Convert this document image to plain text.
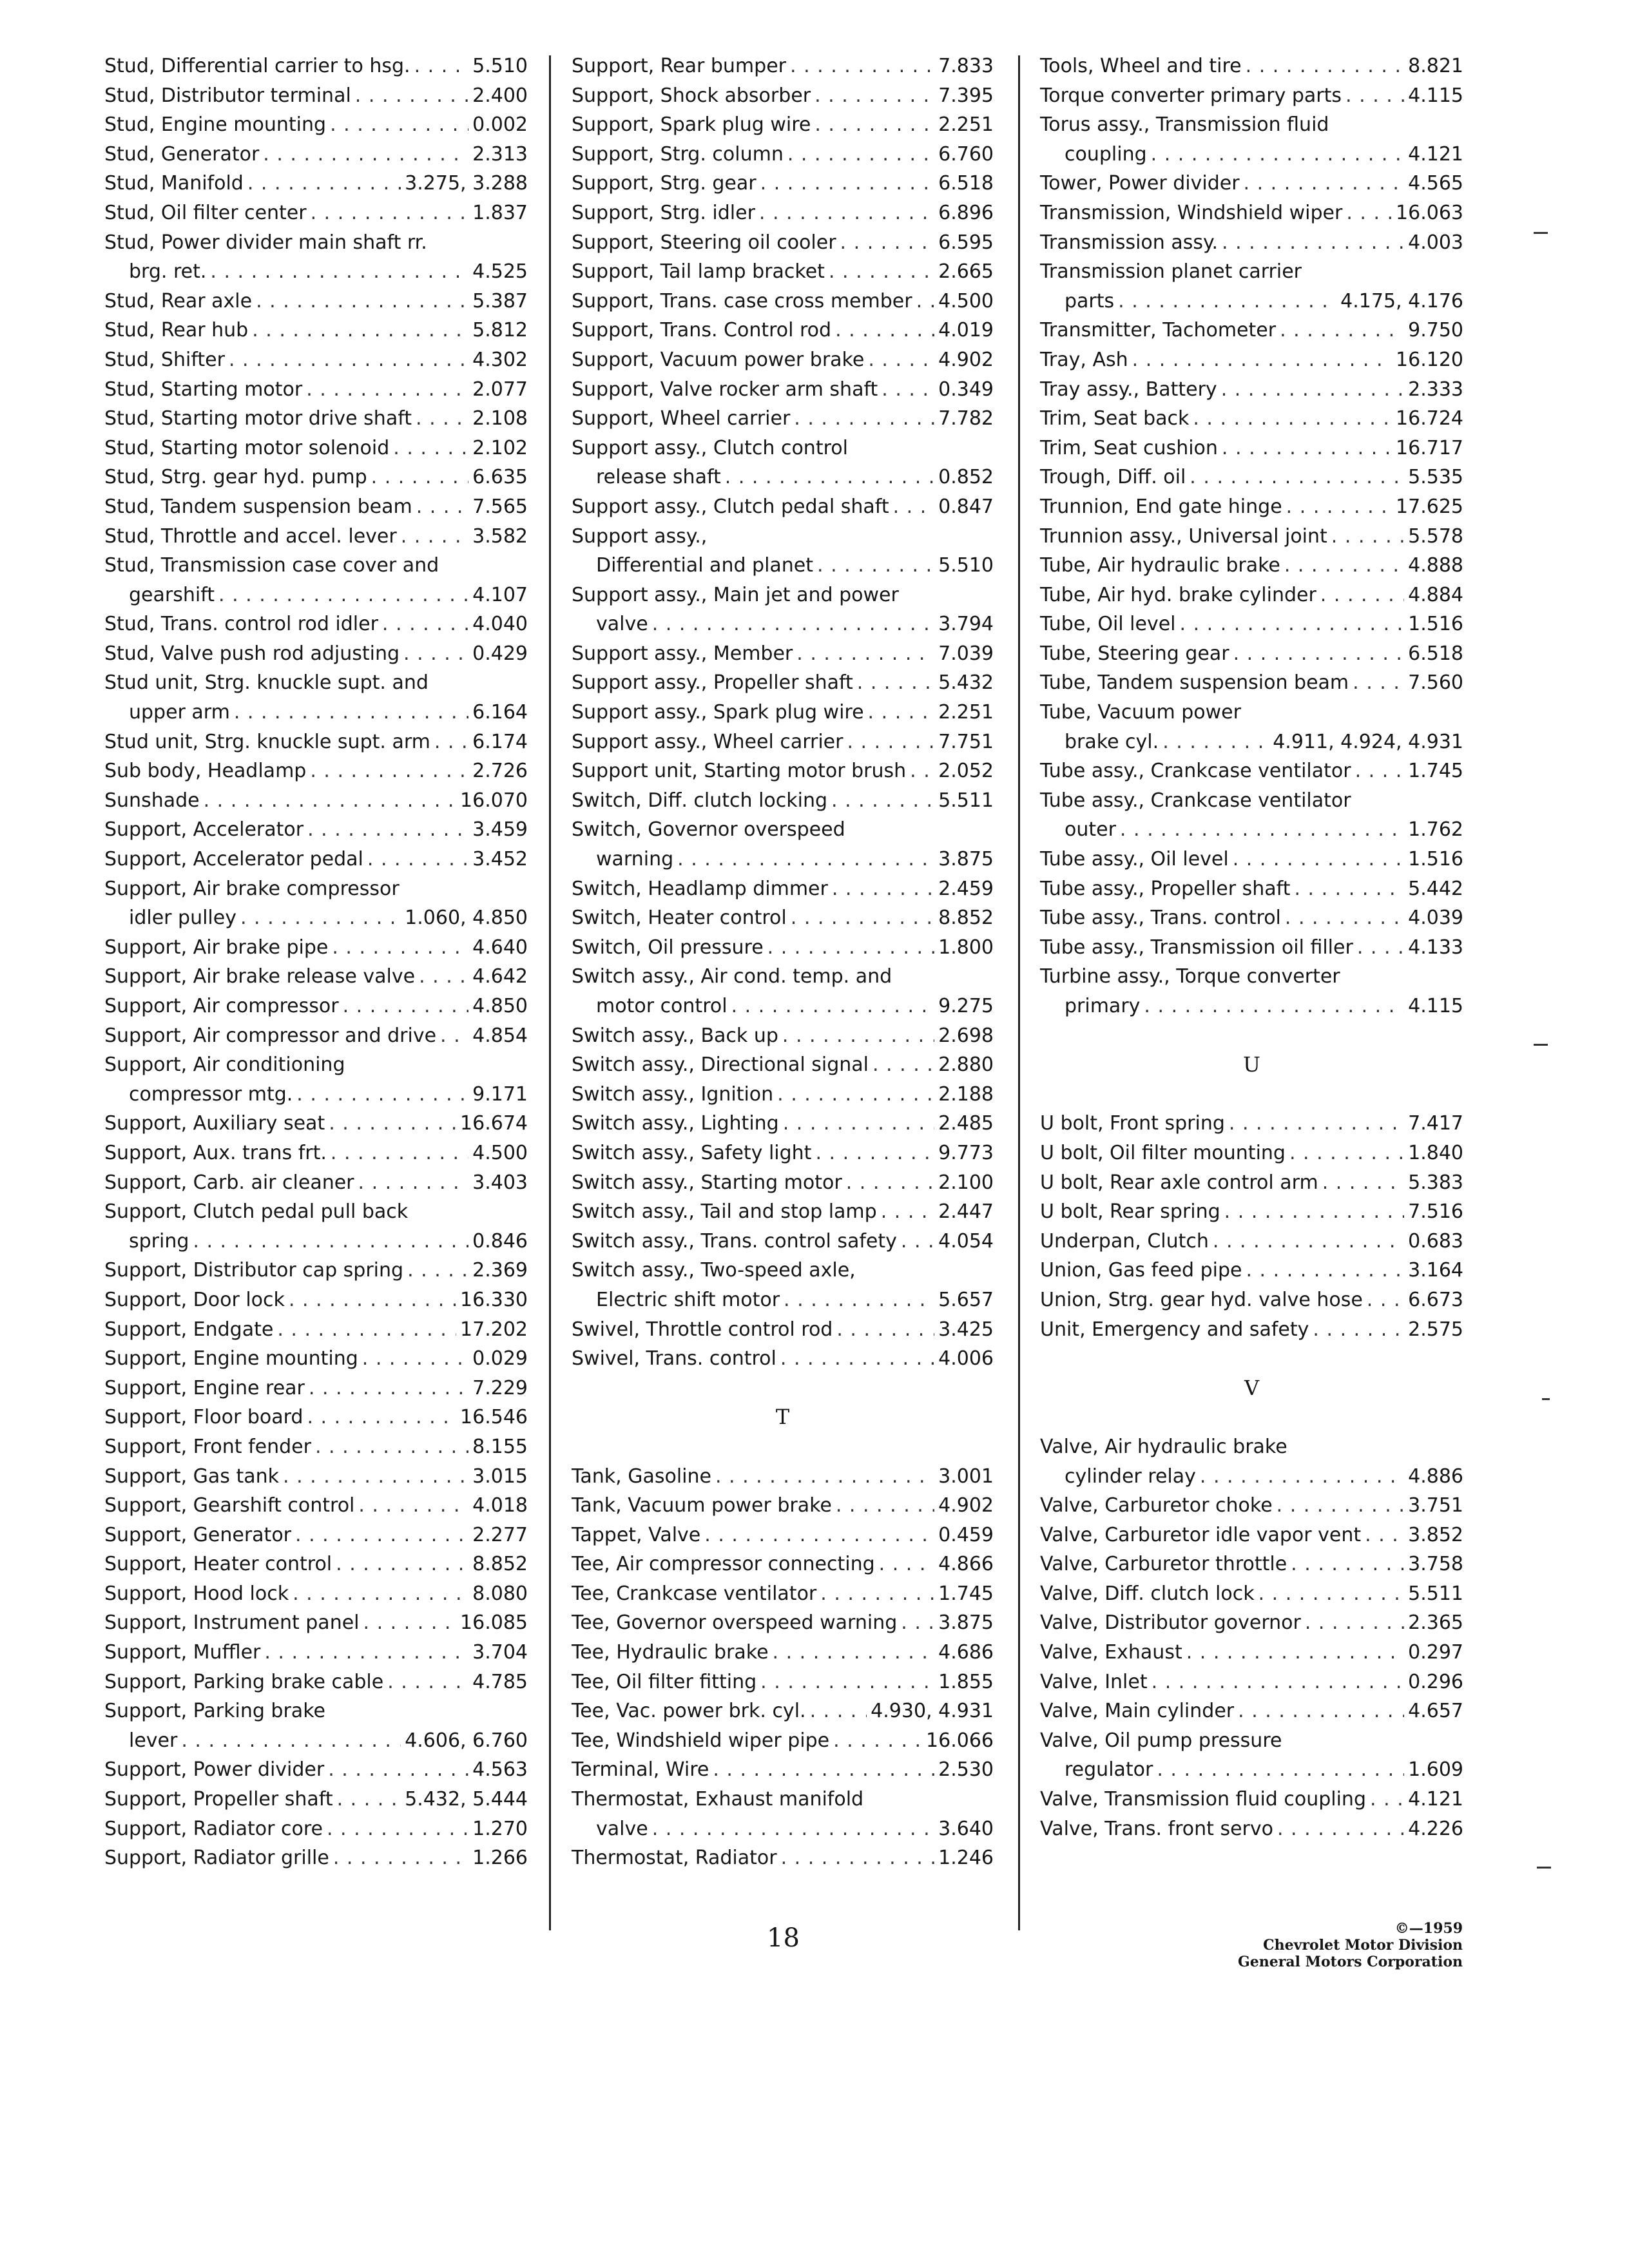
Stud, Differential carrier to hsg. . . .	5.510
Stud, Distributor terminal . . .	2.400
Stud, Engine mounting . . .	0.002
Stud, Generator . . .	2.313
Stud, Manifold . . .	3.275, 3.288
Stud, Oil filter center . . .	1.837
Stud, Power divider main shaft rr.
brg. ret. . . .	4.525
Stud, Rear axle . . .	5.387
Stud, Rear hub . . .	5.812
Stud, Shifter . . .	4.302
Stud, Starting motor . . .	2.077
Stud, Starting motor drive shaft . . .	2.108
Stud, Starting motor solenoid . . .	2.102
Stud, Strg. gear hyd. pump . . .	6.635
Stud, Tandem suspension beam . . .	7.565
Stud, Throttle and accel. lever . . .	3.582
Stud, Transmission case cover and
gearshift . . .	4.107
Stud, Trans. control rod idler . . .	4.040
Stud, Valve push rod adjusting . . .	0.429
Stud unit, Strg. knuckle supt. and
upper arm . . .	6.164
Stud unit, Strg. knuckle supt. arm . . . 6.174
Sub body, Headlamp . . .	2.726
Sunshade . . .	16.070
Support, Accelerator . . .	3.459
Support, Accelerator pedal . . .	3.452
Support, Air brake compressor
idler pulley . . .	1.060, 4.850
Support, Air brake pipe . . .	4.640
Support, Air brake release valve . . .	4.642
Support, Air compressor . . .	4.850
Support, Air compressor and drive . . . 4.854
Support, Air conditioning
compressor mtg. . . .	9.171
Support, Auxiliary seat . . .	16.674
Support, Aux. trans frt. . . .	4.500
Support, Carb. air cleaner . . .	3.403
Support, Clutch pedal pull back
spring . . .	0.846
Support, Distributor cap spring . . .	2.369
Support, Door lock . . .	16.330
Support, Endgate . . .	17.202
Support, Engine mounting . . .	0.029
Support, Engine rear . . .	7.229
Support, Floor board . . .	16.546
Support, Front fender . . .	8.155
Support, Gas tank . . .	3.015
Support, Gearshift control . . .	4.018
Support, Generator . . .	2.277
Support, Heater control . . .	8.852
Support, Hood lock . . .	8.080
Support, Instrument panel . . .	16.085
Support, Muffler . . .	3.704
Support, Parking brake cable . . .	4.785
Support, Parking brake
lever . . .	4.606, 6.760
Support, Power divider . . .	4.563
Support, Propeller shaft . . .	5.432, 5.444
Support, Radiator core . . .	1.270
Support, Radiator grille . . .	1.266
Support, Rear bumper . . .	7.833
Support, Shock absorber . . .	7.395
Support, Spark plug wire . . .	2.251
Support, Strg. column . . .	6.760
Support, Strg. gear . . .	6.518
Support, Strg. idler . . .	6.896
Support, Steering oil cooler . . .	6.595
Support, Tail lamp bracket . . .	2.665
Support, Trans. case cross member . . . 4.500
Support, Trans. Control rod . . .	4.019
Support, Vacuum power brake . . .	4.902
Support, Valve rocker arm shaft . . .	0.349
Support, Wheel carrier . . .	7.782
Support assy., Clutch control
release shaft . . .	0.852
Support assy., Clutch pedal shaft . . .	0.847
Support assy.,
Differential and planet . . .	5.510
Support assy., Main jet and power
valve . . .	3.794
Support assy., Member . . .	7.039
Support assy., Propeller shaft . . .	5.432
Support assy., Spark plug wire . . .	2.251
Support assy., Wheel carrier . . .	7.751
Support unit, Starting motor brush . . . 2.052
Switch, Diff. clutch locking . . .	5.511
Switch, Governor overspeed
warning . . .	3.875
Switch, Headlamp dimmer . . .	2.459
Switch, Heater control . . .	8.852
Switch, Oil pressure . . .	1.800
Switch assy., Air cond. temp. and
motor control . . .	9.275
Switch assy., Back up . . .	2.698
Switch assy., Directional signal . . .	2.880
Switch assy., Ignition . . .	2.188
Switch assy., Lighting . . .	2.485
Switch assy., Safety light . . .	9.773
Switch assy., Starting motor . . .	2.100
Switch assy., Tail and stop lamp . . .	2.447
Switch assy., Trans. control safety . . . 4.054
Switch assy., Two-speed axle,
Electric shift motor . . .	5.657
Swivel, Throttle control rod . . .	3.425
Swivel, Trans. control . . .	4.006
T
Tank, Gasoline . . .	3.001
Tank, Vacuum power brake . . .	4.902
Tappet, Valve . . .	0.459
Tee, Air compressor connecting . . .	4.866
Tee, Crankcase ventilator . . .	1.745
Tee, Governor overspeed warning . . . 3.875
Tee, Hydraulic brake . . .	4.686
Tee, Oil filter fitting . . .	1.855
Tee, Vac. power brk. cyl. . . .	4.930, 4.931
Tee, Windshield wiper pipe . . .	16.066
Terminal, Wire . . .	2.530
Thermostat, Exhaust manifold
valve . . .	3.640
Thermostat, Radiator . . .	1.246
Tools, Wheel and tire . . .	8.821
Torque converter primary parts . . .	4.115
Torus assy., Transmission fluid
coupling . . .	4.121
Tower, Power divider . . .	4.565
Transmission, Windshield wiper . . .	16.063
Transmission assy. . . .	4.003
Transmission planet carrier
parts . . .	4.175, 4.176
Transmitter, Tachometer . . .	9.750
Tray, Ash . . .	16.120
Tray assy., Battery . . .	2.333
Trim, Seat back . . .	16.724
Trim, Seat cushion . . .	16.717
Trough, Diff. oil . . .	5.535
Trunnion, End gate hinge . . .	17.625
Trunnion assy., Universal joint . . .	5.578
Tube, Air hydraulic brake . . .	4.888
Tube, Air hyd. brake cylinder . . .	4.884
Tube, Oil level . . .	1.516
Tube, Steering gear . . .	6.518
Tube, Tandem suspension beam . . .	7.560
Tube, Vacuum power
brake cyl. . . .	4.911, 4.924, 4.931
Tube assy., Crankcase ventilator . . .	1.745
Tube assy., Crankcase ventilator
outer . . .	1.762
Tube assy., Oil level . . .	1.516
Tube assy., Propeller shaft . . .	5.442
Tube assy., Trans. control . . .	4.039
Tube assy., Transmission oil filler . . .	4.133
Turbine assy., Torque converter
primary . . .	4.115
U
U bolt, Front spring . . .	7.417
U bolt, Oil filter mounting . . .	1.840
U bolt, Rear axle control arm . . .	5.383
U bolt, Rear spring . . .	7.516
Underpan, Clutch . . .	0.683
Union, Gas feed pipe . . .	3.164
Union, Strg. gear hyd. valve hose . . . 6.673
Unit, Emergency and safety . . .	2.575
V
Valve, Air hydraulic brake
cylinder relay . . .	4.886
Valve, Carburetor choke . . .	3.751
Valve, Carburetor idle vapor vent . . . 3.852
Valve, Carburetor throttle . . .	3.758
Valve, Diff. clutch lock . . .	5.511
Valve, Distributor governor . . .	2.365
Valve, Exhaust . . .	0.297
Valve, Inlet . . .	0.296
Valve, Main cylinder . . .	4.657
Valve, Oil pump pressure
regulator . . .	1.609
Valve, Transmission fluid coupling . . . 4.121
Valve, Trans. front servo . . .	4.226
18	©—1959
Chevrolet Motor Division
General Motors Corporation
